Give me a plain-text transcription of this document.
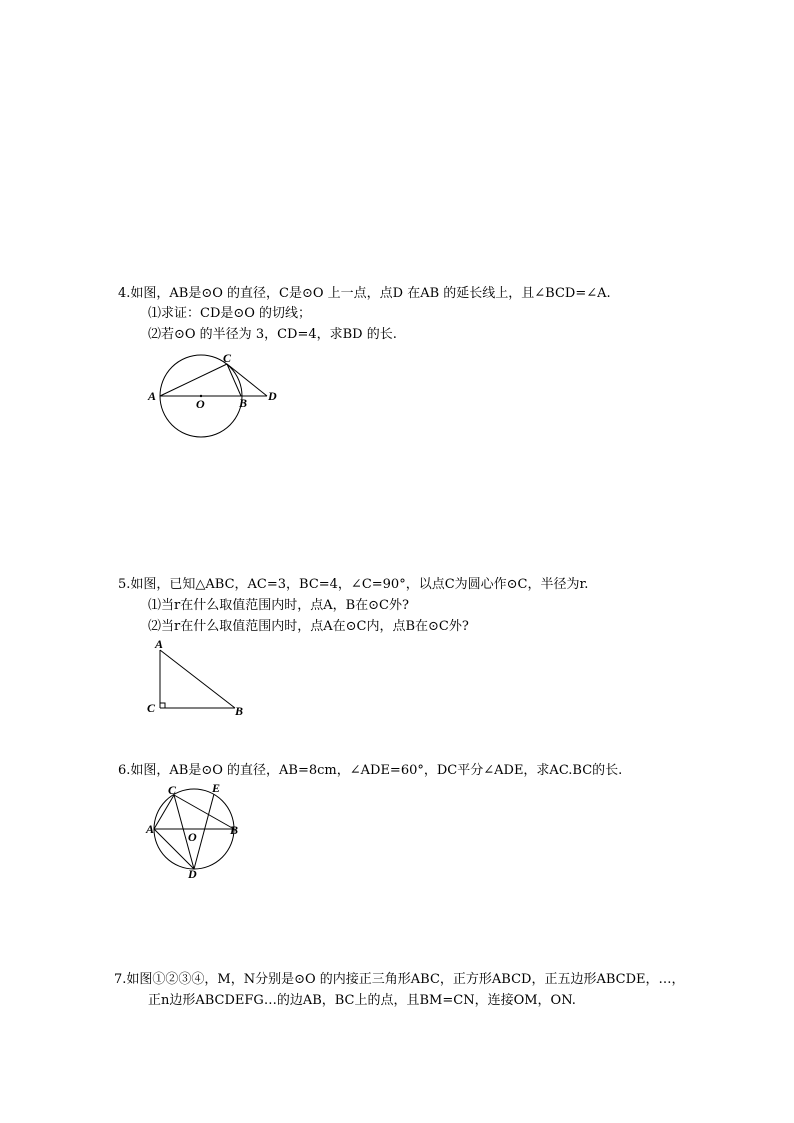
4.如图，AB是⊙O 的直径，C是⊙O 上一点，点D 在AB 的延长线上，且∠BCD=∠A.
⑴求证：CD是⊙O 的切线；
⑵若⊙O 的半径为 3，CD=4，求BD 的长.
A
O	B
C
D
5.如图，已知△ABC，AC=3，BC=4，∠C=90°，以点C为圆心作⊙C，半径为r.
⑴当r在什么取值范围内时，点A，B在⊙C外?
⑵当r在什么取值范围内时，点A在⊙C内，点B在⊙C外?
A
C	B
6.如图，AB是⊙O 的直径，AB=8cm，∠ADE=60°，DC平分∠ADE，求AC.BC的长.
C	E
A
O	B
D
7.如图①②③④，M，N分别是⊙O 的内接正三角形ABC，正方形ABCD，正五边形ABCDE，…，
正n边形ABCDEFG…的边AB，BC上的点，且BM=CN，连接OM，ON.
